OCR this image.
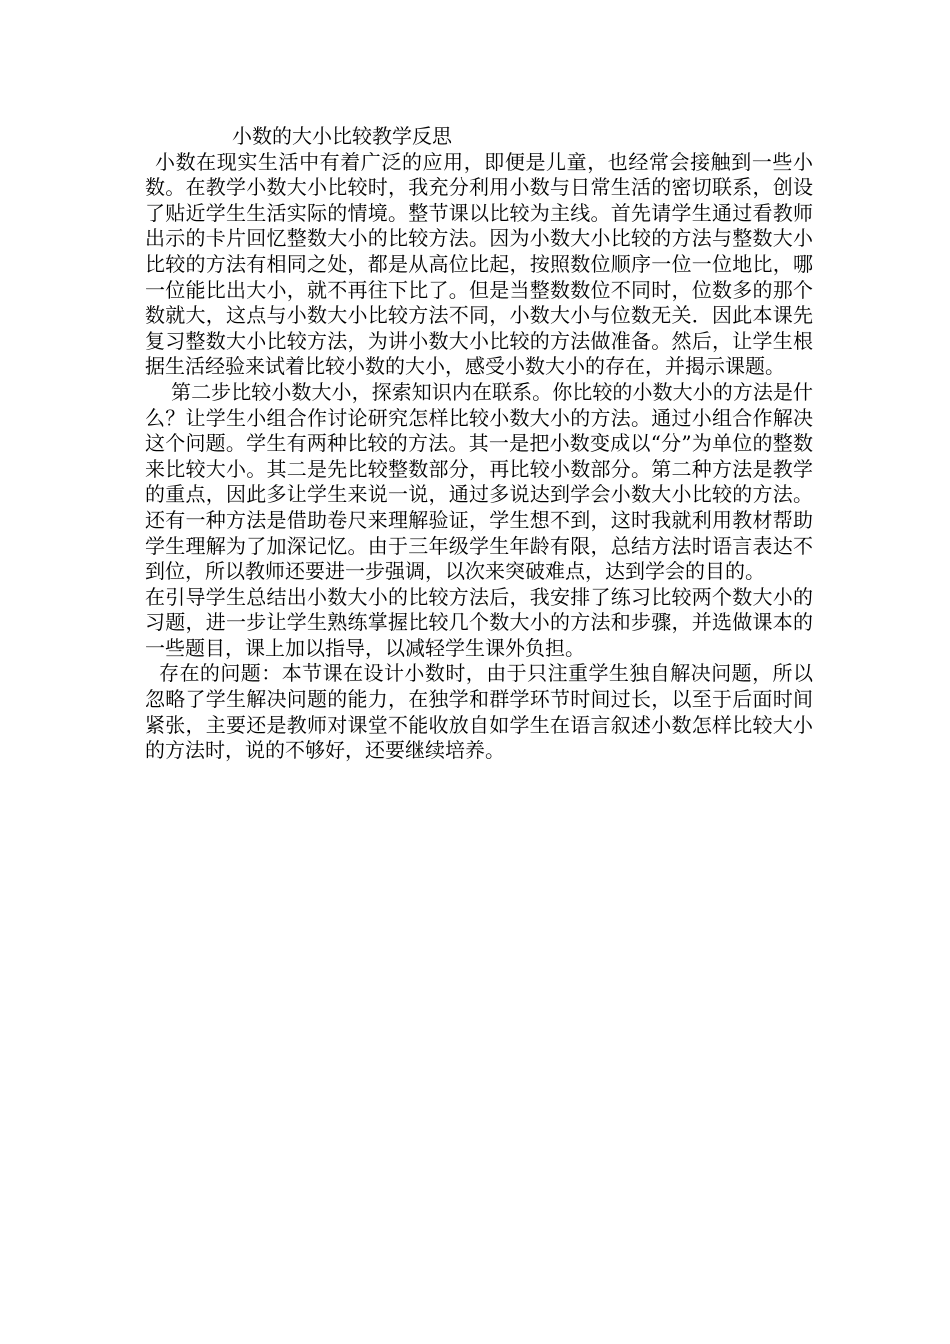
小数的大小比较教学反思

小数在现实生活中有着广泛的应用，即便是儿童，也经常会接触到一些小数。在教学小数大小比较时，我充分利用小数与日常生活的密切联系，创设了贴近学生生活实际的情境。整节课以比较为主线。首先请学生通过看教师出示的卡片回忆整数大小的比较方法。因为小数大小比较的方法与整数大小比较的方法有相同之处，都是从高位比起，按照数位顺序一位一位地比，哪一位能比出大小，就不再往下比了。但是当整数数位不同时，位数多的那个数就大，这点与小数大小比较方法不同，小数大小与位数无关．因此本课先复习整数大小比较方法，为讲小数大小比较的方法做准备。然后，让学生根据生活经验来试着比较小数的大小，感受小数大小的存在，并揭示课题。

第二步比较小数大小，探索知识内在联系。你比较的小数大小的方法是什么？让学生小组合作讨论研究怎样比较小数大小的方法。通过小组合作解决这个问题。学生有两种比较的方法。其一是把小数变成以“分”为单位的整数来比较大小。其二是先比较整数部分，再比较小数部分。第二种方法是教学的重点，因此多让学生来说一说，通过多说达到学会小数大小比较的方法。还有一种方法是借助卷尺来理解验证，学生想不到，这时我就利用教材帮助学生理解为了加深记忆。由于三年级学生年龄有限，总结方法时语言表达不到位，所以教师还要进一步强调，以次来突破难点，达到学会的目的。

在引导学生总结出小数大小的比较方法后，我安排了练习比较两个数大小的习题，进一步让学生熟练掌握比较几个数大小的方法和步骤，并选做课本的一些题目，课上加以指导，以减轻学生课外负担。

存在的问题：本节课在设计小数时，由于只注重学生独自解决问题，所以忽略了学生解决问题的能力，在独学和群学环节时间过长，以至于后面时间紧张，主要还是教师对课堂不能收放自如学生在语言叙述小数怎样比较大小的方法时，说的不够好，还要继续培养。
